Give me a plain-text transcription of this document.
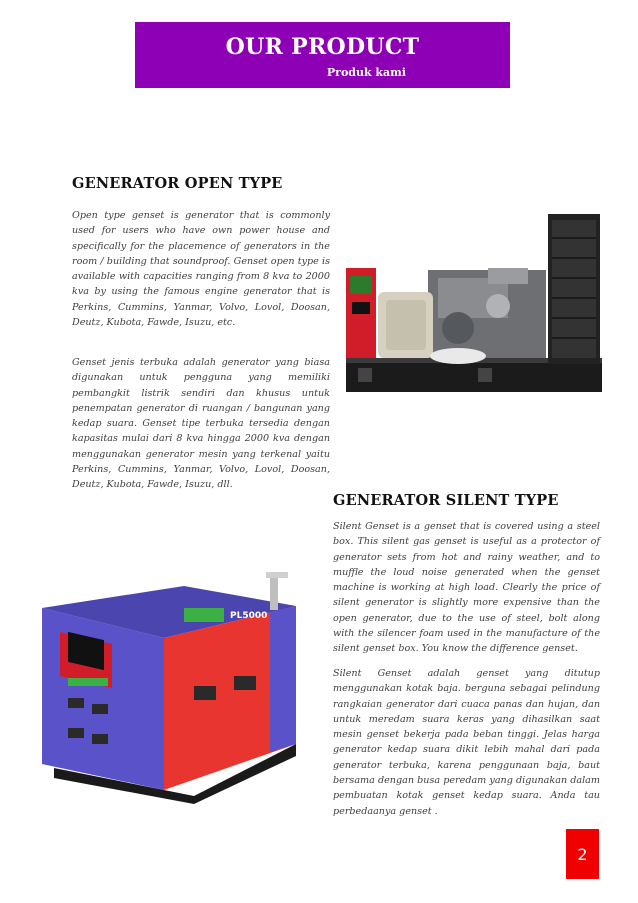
OUR PRODUCT
Produk kami
GENERATOR OPEN TYPE
Open type genset is generator that is commonly used for users who have own power house and specifically for the placemence of generators in the room / building that soundproof. Genset open type is available with capacities ranging from 8 kva to 2000 kva by using the famous engine generator that is Perkins, Cummins, Yanmar, Volvo, Lovol, Doosan, Deutz, Kubota, Fawde, Isuzu, etc.
Genset jenis terbuka adalah generator yang biasa digunakan untuk pengguna yang memiliki pembangkit listrik sendiri dan khusus untuk penempatan generator di ruangan / bangunan yang kedap suara. Genset tipe terbuka tersedia dengan kapasitas mulai dari 8 kva hingga 2000 kva dengan menggunakan generator mesin yang terkenal yaitu Perkins, Cummins, Yanmar, Volvo, Lovol, Doosan, Deutz, Kubota, Fawde, Isuzu, dll.
GENERATOR SILENT TYPE
Silent Genset is a genset that is covered using a steel box. This silent gas genset is useful as a protector of generator sets from hot and rainy weather, and to muffle the loud noise generated when the genset machine is working at high load. Clearly the price of silent generator is slightly more expensive than the open generator, due to the use of steel, bolt along with the silencer foam used in the manufacture of the silent genset box. You know the difference genset.
Silent Genset adalah genset yang ditutup menggunakan kotak baja. berguna sebagai pelindung rangkaian generator dari cuaca panas dan hujan, dan untuk meredam suara keras yang dihasilkan saat mesin genset bekerja pada beban tinggi. Jelas harga generator kedap suara dikit lebih mahal dari pada generator terbuka, karena penggunaan baja, baut bersama dengan busa peredam yang digunakan dalam pembuatan kotak genset kedap suara. Anda tau perbedaanya genset .
PL5000
2
